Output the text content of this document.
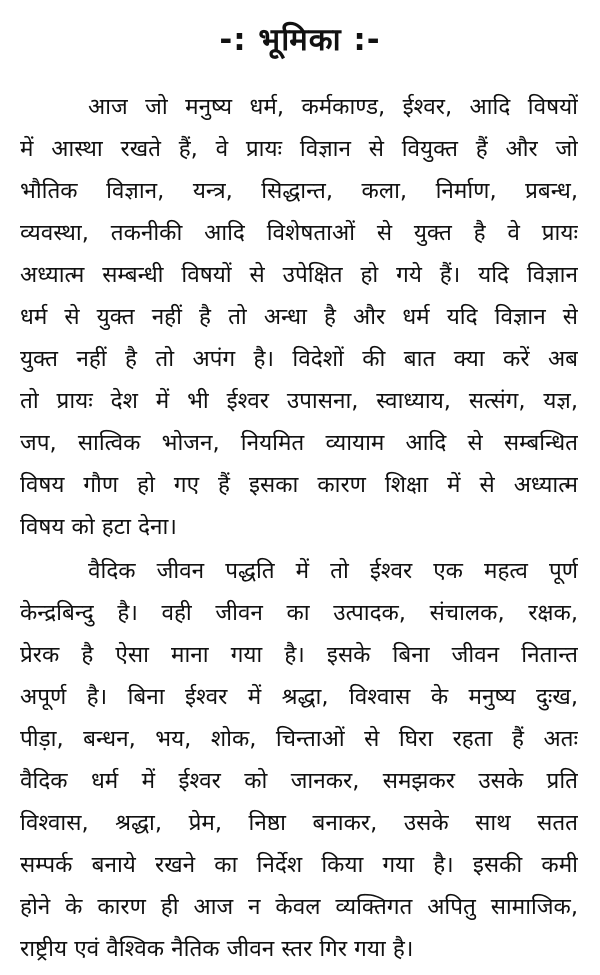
-: भूमिका :-
आज जो मनुष्य धर्म, कर्मकाण्ड, ईश्वर, आदि विषयों
में आस्था रखते हैं, वे प्रायः विज्ञान से वियुक्त हैं और जो
भौतिक विज्ञान, यन्त्र, सिद्धान्त, कला, निर्माण, प्रबन्ध,
व्यवस्था, तकनीकी आदि विशेषताओं से युक्त है वे प्रायः
अध्यात्म सम्बन्धी विषयों से उपेक्षित हो गये हैं। यदि विज्ञान
धर्म से युक्त नहीं है तो अन्धा है और धर्म यदि विज्ञान से
युक्त नहीं है तो अपंग है। विदेशों की बात क्या करें अब
तो प्रायः देश में भी ईश्वर उपासना, स्वाध्याय, सत्संग, यज्ञ,
जप, सात्विक भोजन, नियमित व्यायाम आदि से सम्बन्धित
विषय गौण हो गए हैं इसका कारण शिक्षा में से अध्यात्म
विषय को हटा देना।
वैदिक जीवन पद्धति में तो ईश्वर एक महत्व पूर्ण
केन्द्रबिन्दु है। वही जीवन का उत्पादक, संचालक, रक्षक,
प्रेरक है ऐसा माना गया है। इसके बिना जीवन नितान्त
अपूर्ण है। बिना ईश्वर में श्रद्धा, विश्वास के मनुष्य दुःख,
पीड़ा, बन्धन, भय, शोक, चिन्ताओं से घिरा रहता हैं अतः
वैदिक धर्म में ईश्वर को जानकर, समझकर उसके प्रति
विश्वास, श्रद्धा, प्रेम, निष्ठा बनाकर, उसके साथ सतत
सम्पर्क बनाये रखने का निर्देश किया गया है। इसकी कमी
होने के कारण ही आज न केवल व्यक्तिगत अपितु सामाजिक,
राष्ट्रीय एवं वैश्विक नैतिक जीवन स्तर गिर गया है।
